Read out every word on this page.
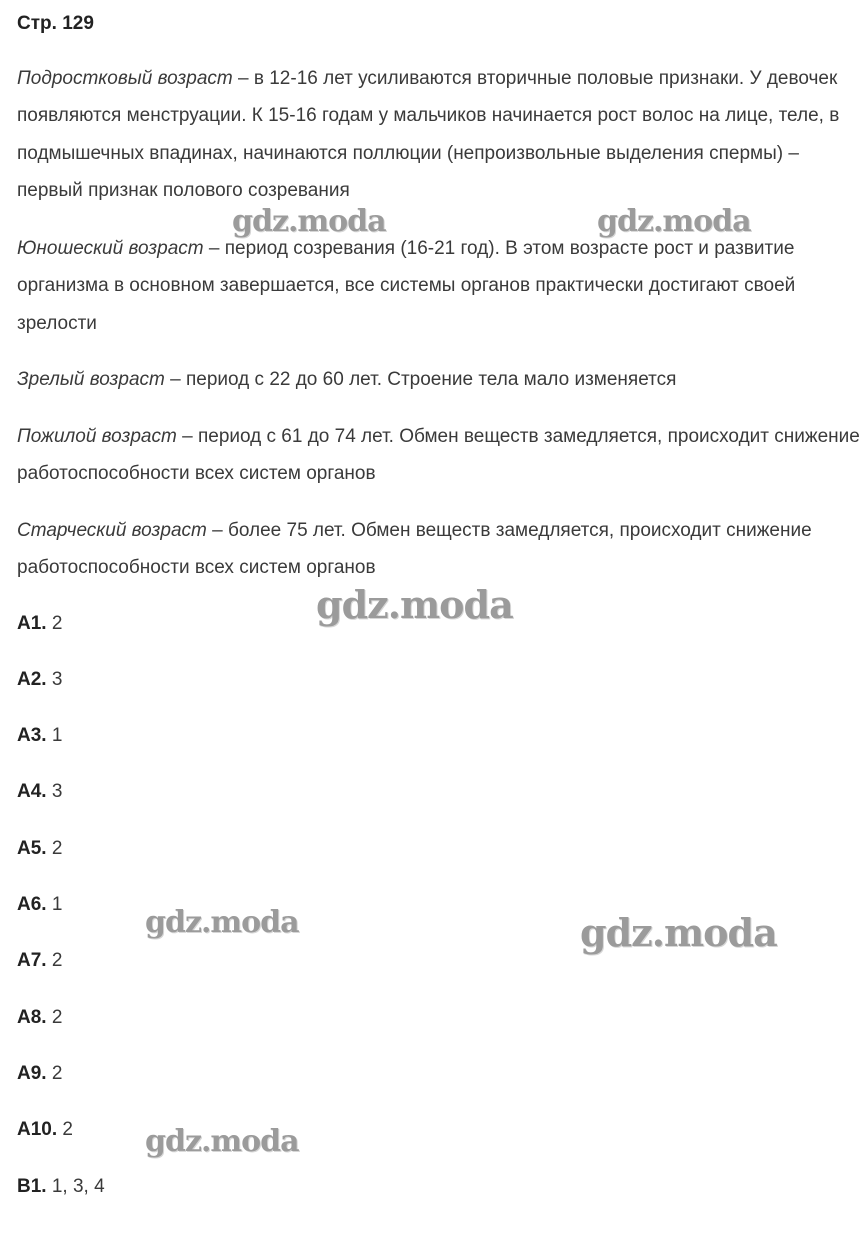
Стр. 129

Подростковый возраст – в 12-16 лет усиливаются вторичные половые признаки. У девочек появляются менструации. К 15-16 годам у мальчиков начинается рост волос на лице, теле, в подмышечных впадинах, начинаются поллюции (непроизвольные выделения спермы) – первый признак полового созревания

Юношеский возраст – период созревания (16-21 год). В этом возрасте рост и развитие организма в основном завершается, все системы органов практически достигают своей зрелости

Зрелый возраст – период с 22 до 60 лет. Строение тела мало изменяется

Пожилой возраст – период с 61 до 74 лет. Обмен веществ замедляется, происходит снижение работоспособности всех систем органов

Старческий возраст – более 75 лет. Обмен веществ замедляется, происходит снижение работоспособности всех систем органов

А1. 2
А2. 3
А3. 1
А4. 3
А5. 2
А6. 1
А7. 2
А8. 2
А9. 2
А10. 2
В1. 1, 3, 4
gdz.moda	gdz.moda
gdz.moda
gdz.moda	gdz.moda
gdz.moda
